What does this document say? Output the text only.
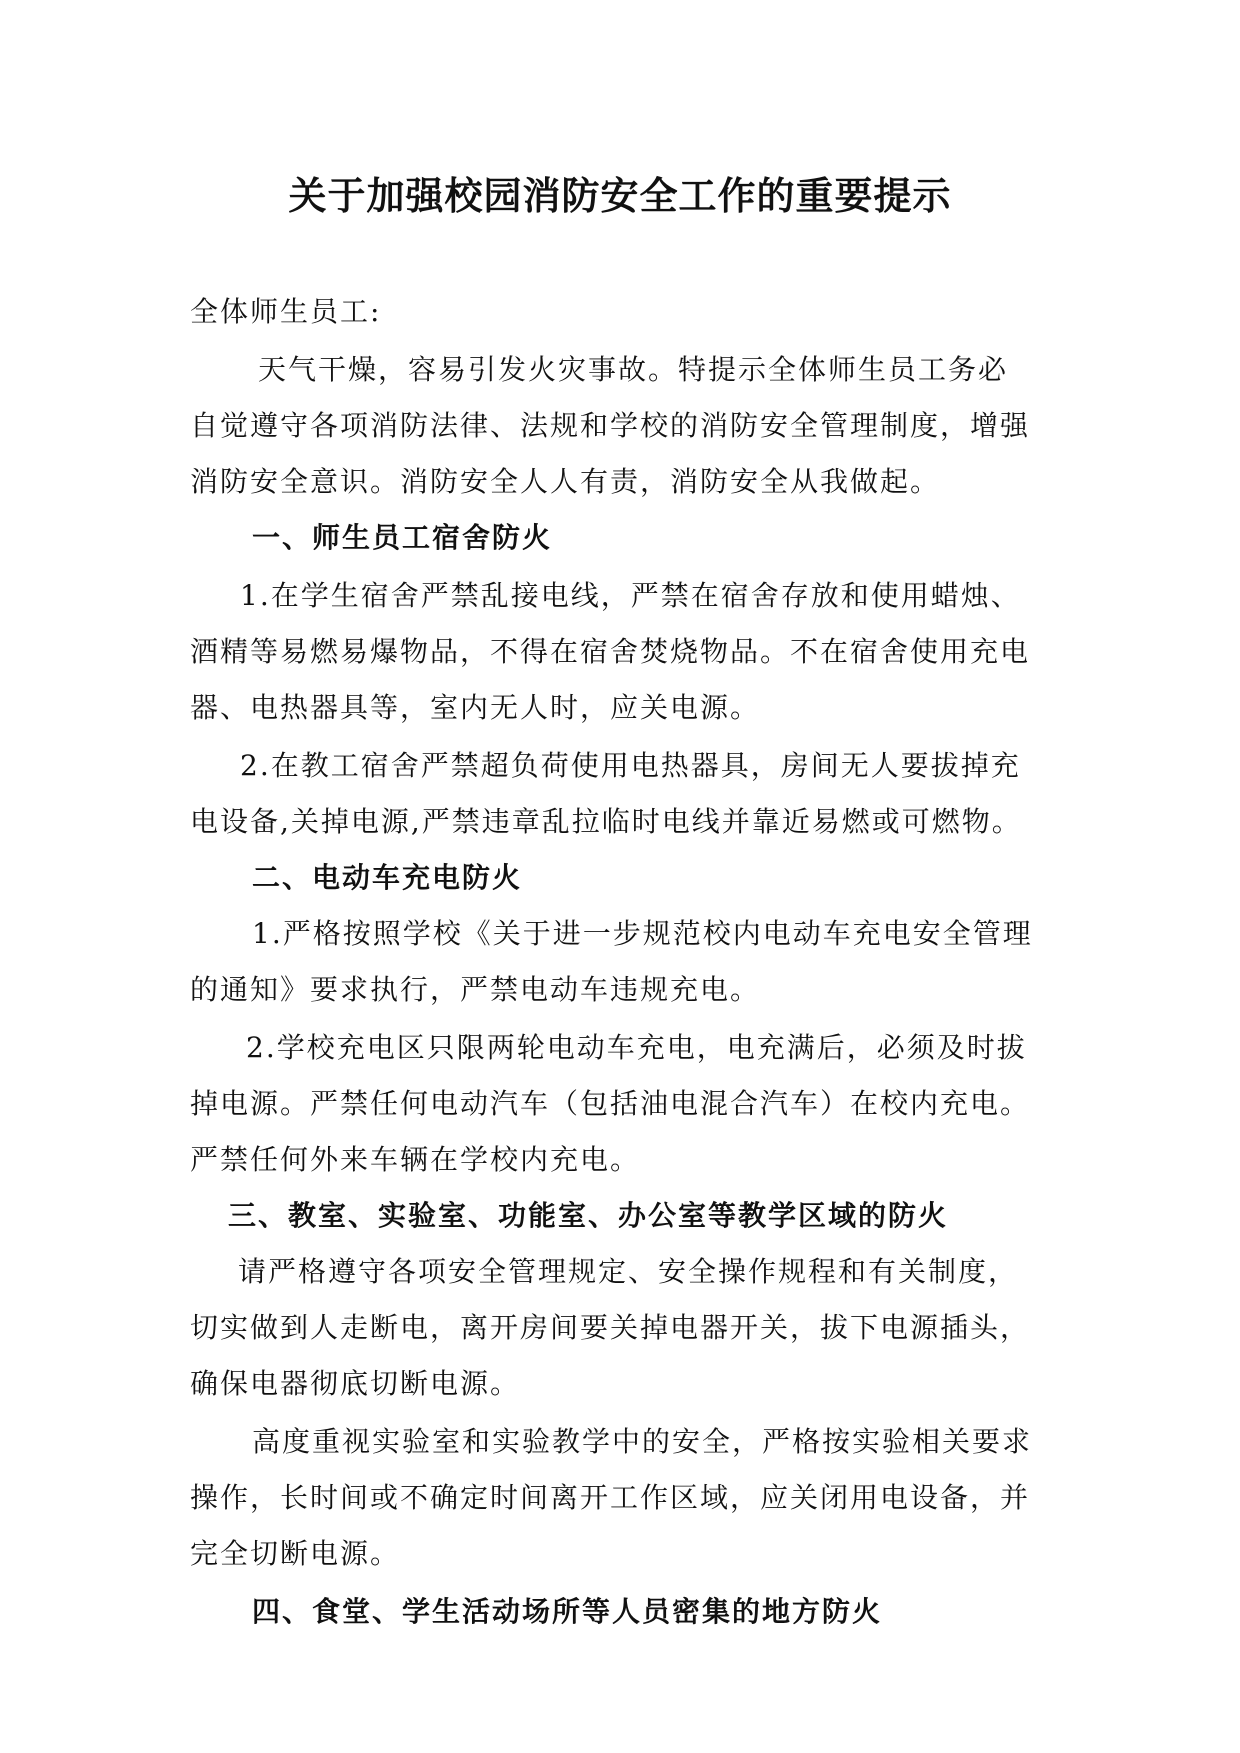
关于加强校园消防安全工作的重要提示
全体师生员工:
天气干燥，容易引发火灾事故。特提示全体师生员工务必
自觉遵守各项消防法律、法规和学校的消防安全管理制度，增强
消防安全意识。消防安全人人有责，消防安全从我做起。
一、师生员工宿舍防火
1.在学生宿舍严禁乱接电线，严禁在宿舍存放和使用蜡烛、
酒精等易燃易爆物品，不得在宿舍焚烧物品。不在宿舍使用充电
器、电热器具等，室内无人时，应关电源。
2.在教工宿舍严禁超负荷使用电热器具，房间无人要拔掉充
电设备,关掉电源,严禁违章乱拉临时电线并靠近易燃或可燃物。
二、电动车充电防火
1.严格按照学校《关于进一步规范校内电动车充电安全管理
的通知》要求执行，严禁电动车违规充电。
2.学校充电区只限两轮电动车充电，电充满后，必须及时拔
掉电源。严禁任何电动汽车（包括油电混合汽车）在校内充电。
严禁任何外来车辆在学校内充电。
三、教室、实验室、功能室、办公室等教学区域的防火
请严格遵守各项安全管理规定、安全操作规程和有关制度，
切实做到人走断电，离开房间要关掉电器开关，拔下电源插头，
确保电器彻底切断电源。
高度重视实验室和实验教学中的安全，严格按实验相关要求
操作，长时间或不确定时间离开工作区域，应关闭用电设备，并
完全切断电源。
四、食堂、学生活动场所等人员密集的地方防火
